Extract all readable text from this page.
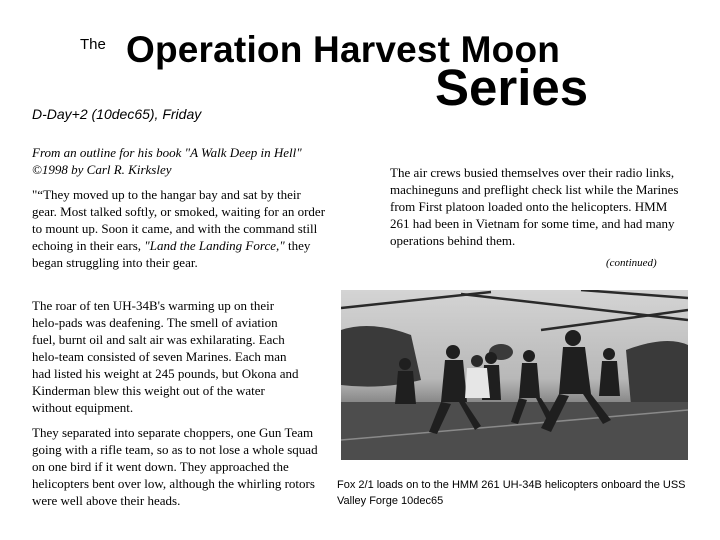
The Operation Harvest Moon
Series
D-Day+2 (10dec65), Friday
From an outline for his book "A Walk Deep in Hell" ©1998 by Carl R. Kirksley
"“They moved up to the hangar bay and sat by their gear. Most talked softly, or smoked, waiting for an order to mount up. Soon it came, and with the command still echoing in their ears, "Land the Landing Force," they began struggling into their gear.
The roar of ten UH-34B's warming up on their helo-pads was deafening. The smell of aviation fuel, burnt oil and salt air was exhilarating. Each helo-team consisted of seven Marines. Each man had listed his weight at 245 pounds, but Okona and Kinderman blew this weight out of the water without equipment.
They separated into separate choppers, one Gun Team going with a rifle team, so as to not lose a whole squad on one bird if it went down. They approached the helicopters bent over low, although the whirling rotors were well above their heads.
The air crews busied themselves over their radio links, machineguns and preflight check list while the Marines from First platoon loaded onto the helicopters. HMM 261 had been in Vietnam for some time, and had many operations behind them.
(continued)
Fox 2/1 loads on to the HMM 261 UH-34B helicopters onboard the USS Valley Forge 10dec65
